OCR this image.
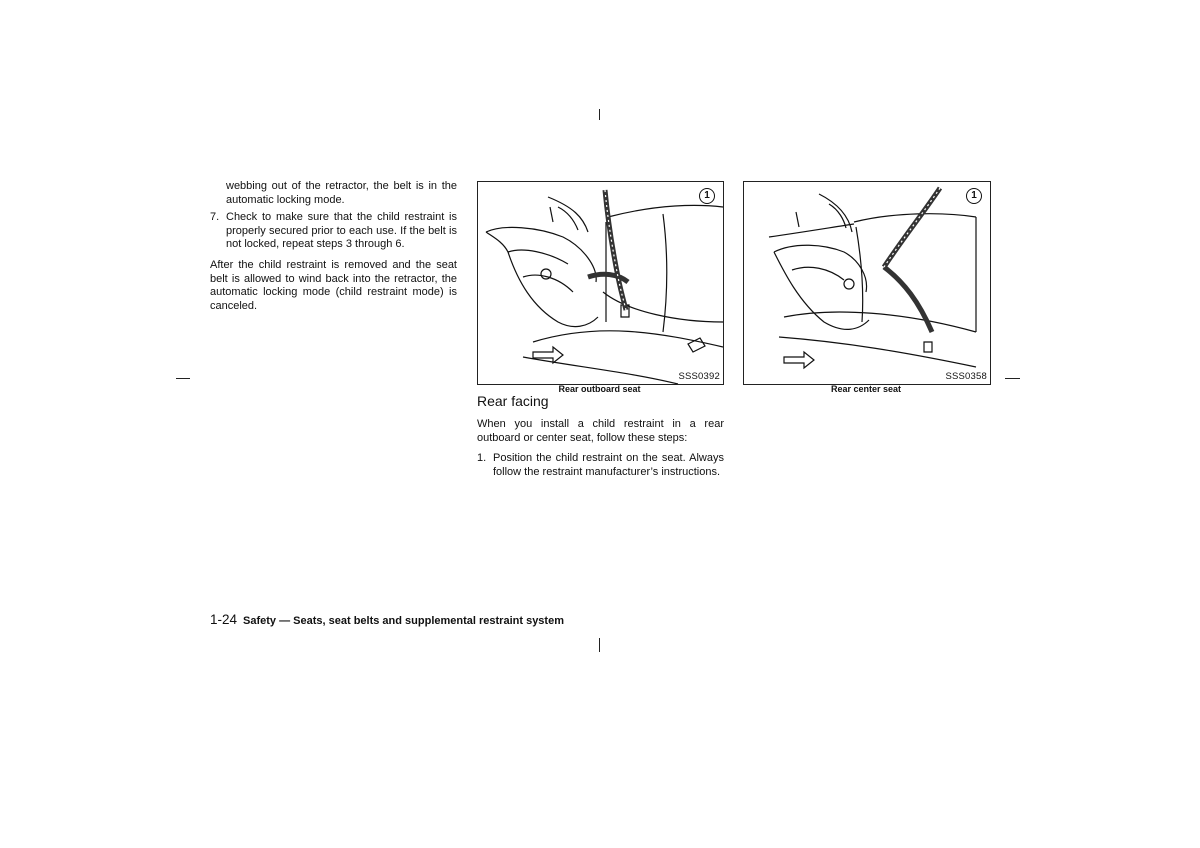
webbing out of the retractor, the belt is in the automatic locking mode.

7. Check to make sure that the child restraint is properly secured prior to each use. If the belt is not locked, repeat steps 3 through 6.

After the child restraint is removed and the seat belt is allowed to wind back into the retractor, the automatic locking mode (child restraint mode) is canceled.

1
SSS0392
Rear outboard seat
1
SSS0358
Rear center seat
Rear facing

When you install a child restraint in a rear outboard or center seat, follow these steps:

1. Position the child restraint on the seat. Always follow the restraint manufacturer’s instructions.

1-24 Safety — Seats, seat belts and supplemental restraint system
